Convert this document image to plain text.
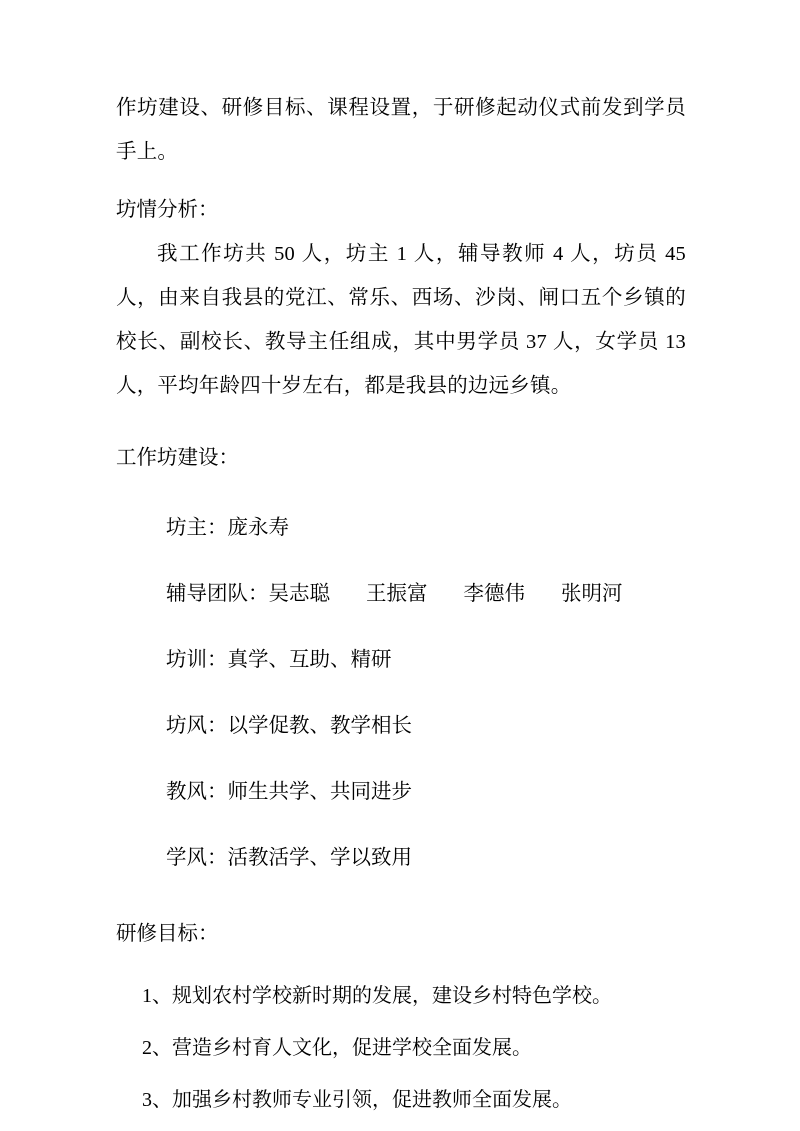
作坊建设、研修目标、课程设置，于研修起动仪式前发到学员手上。

坊情分析：

我工作坊共 50 人，坊主 1 人，辅导教师 4 人，坊员 45 人，由来自我县的党江、常乐、西场、沙岗、闸口五个乡镇的校长、副校长、教导主任组成，其中男学员 37 人，女学员 13 人，平均年龄四十岁左右，都是我县的边远乡镇。

工作坊建设：

坊主：庞永寿

辅导团队：吴志聪 王振富 李德伟 张明河

坊训：真学、互助、精研

坊风：以学促教、教学相长

教风：师生共学、共同进步

学风：活教活学、学以致用

研修目标：

1、规划农村学校新时期的发展，建设乡村特色学校。

2、营造乡村育人文化，促进学校全面发展。

3、加强乡村教师专业引领，促进教师全面发展。
